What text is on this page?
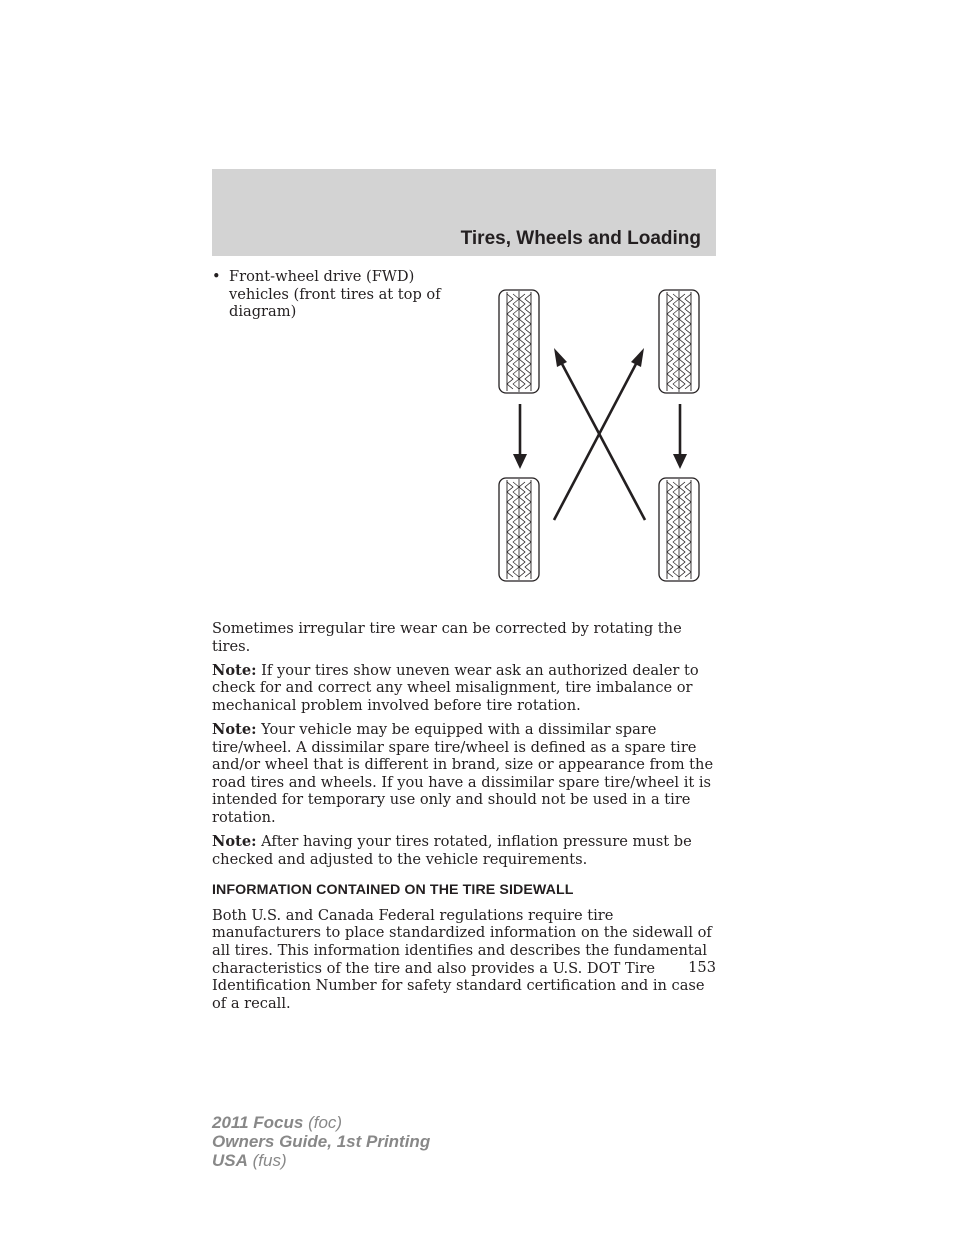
Tires, Wheels and Loading
• Front-wheel drive (FWD) vehicles (front tires at top of diagram)

Sometimes irregular tire wear can be corrected by rotating the tires.

Note: If your tires show uneven wear ask an authorized dealer to check for and correct any wheel misalignment, tire imbalance or mechanical problem involved before tire rotation.

Note: Your vehicle may be equipped with a dissimilar spare tire/wheel. A dissimilar spare tire/wheel is defined as a spare tire and/or wheel that is different in brand, size or appearance from the road tires and wheels. If you have a dissimilar spare tire/wheel it is intended for temporary use only and should not be used in a tire rotation.

Note: After having your tires rotated, inflation pressure must be checked and adjusted to the vehicle requirements.

INFORMATION CONTAINED ON THE TIRE SIDEWALL

Both U.S. and Canada Federal regulations require tire manufacturers to place standardized information on the sidewall of all tires. This information identifies and describes the fundamental characteristics of the tire and also provides a U.S. DOT Tire Identification Number for safety standard certification and in case of a recall.

153
2011 Focus (foc)
Owners Guide, 1st Printing
USA (fus)
